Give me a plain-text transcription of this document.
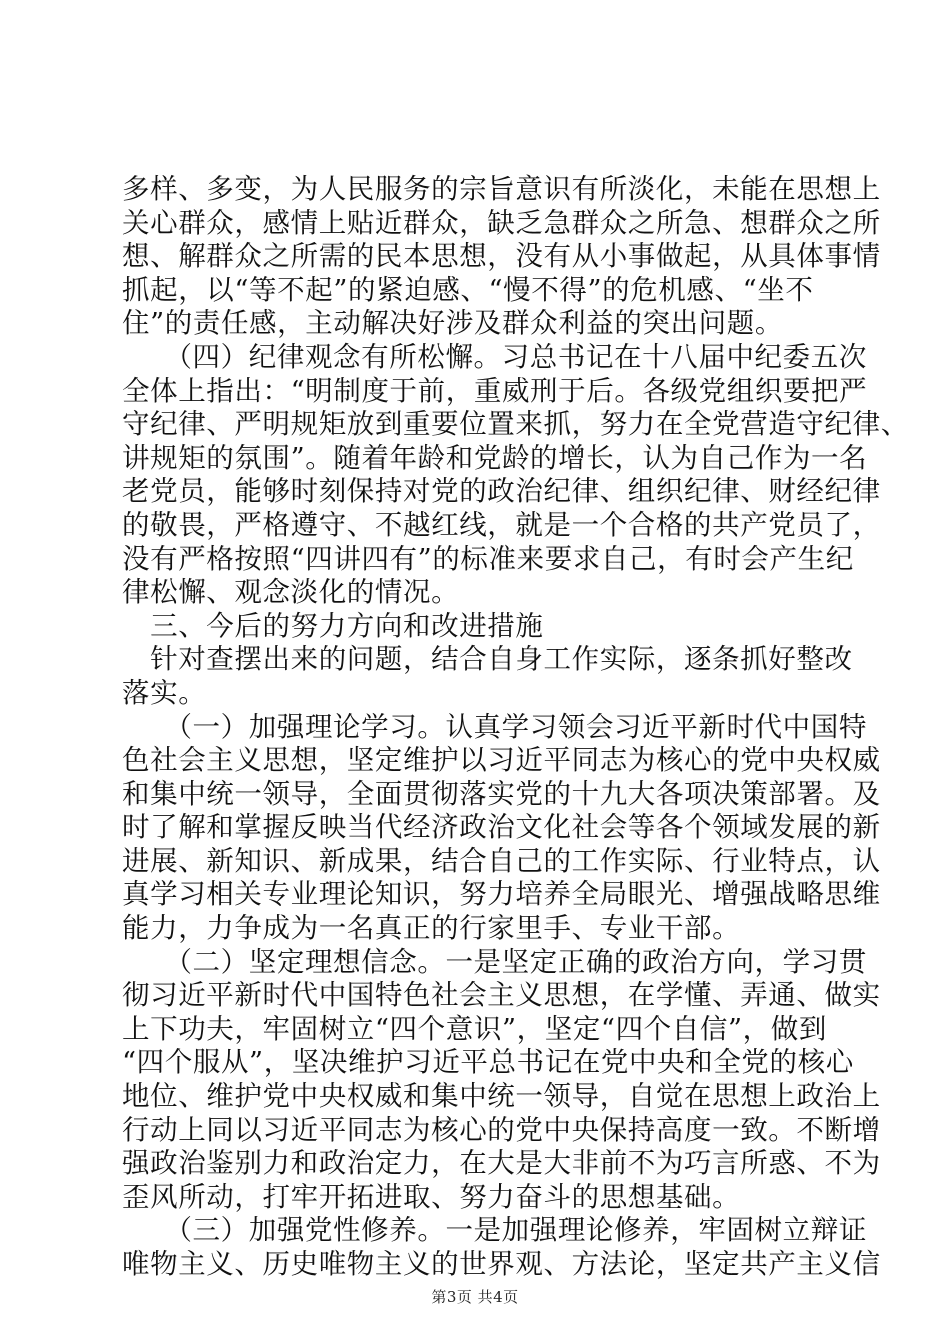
多样、多变，为人民服务的宗旨意识有所淡化，未能在思想上
关心群众，感情上贴近群众，缺乏急群众之所急、想群众之所
想、解群众之所需的民本思想，没有从小事做起，从具体事情
抓起，以“等不起”的紧迫感、“慢不得”的危机感、“坐不
住”的责任感，主动解决好涉及群众利益的突出问题。
　　（四）纪律观念有所松懈。习总书记在十八届中纪委五次
全体上指出：“明制度于前，重威刑于后。各级党组织要把严
守纪律、严明规矩放到重要位置来抓，努力在全党营造守纪律、
讲规矩的氛围”。随着年龄和党龄的增长，认为自己作为一名
老党员，能够时刻保持对党的政治纪律、组织纪律、财经纪律
的敬畏，严格遵守、不越红线，就是一个合格的共产党员了，
没有严格按照“四讲四有”的标准来要求自己，有时会产生纪
律松懈、观念淡化的情况。
　三、今后的努力方向和改进措施
　针对查摆出来的问题，结合自身工作实际，逐条抓好整改
落实。
　　（一）加强理论学习。认真学习领会习近平新时代中国特
色社会主义思想，坚定维护以习近平同志为核心的党中央权威
和集中统一领导，全面贯彻落实党的十九大各项决策部署。及
时了解和掌握反映当代经济政治文化社会等各个领域发展的新
进展、新知识、新成果，结合自己的工作实际、行业特点，认
真学习相关专业理论知识，努力培养全局眼光、增强战略思维
能力，力争成为一名真正的行家里手、专业干部。
　　（二）坚定理想信念。一是坚定正确的政治方向，学习贯
彻习近平新时代中国特色社会主义思想，在学懂、弄通、做实
上下功夫，牢固树立“四个意识”，坚定“四个自信”，做到
“四个服从”，坚决维护习近平总书记在党中央和全党的核心
地位、维护党中央权威和集中统一领导，自觉在思想上政治上
行动上同以习近平同志为核心的党中央保持高度一致。不断增
强政治鉴别力和政治定力，在大是大非前不为巧言所惑、不为
歪风所动，打牢开拓进取、努力奋斗的思想基础。
　　（三）加强党性修养。一是加强理论修养，牢固树立辩证
唯物主义、历史唯物主义的世界观、方法论，坚定共产主义信
第3页 共4页
